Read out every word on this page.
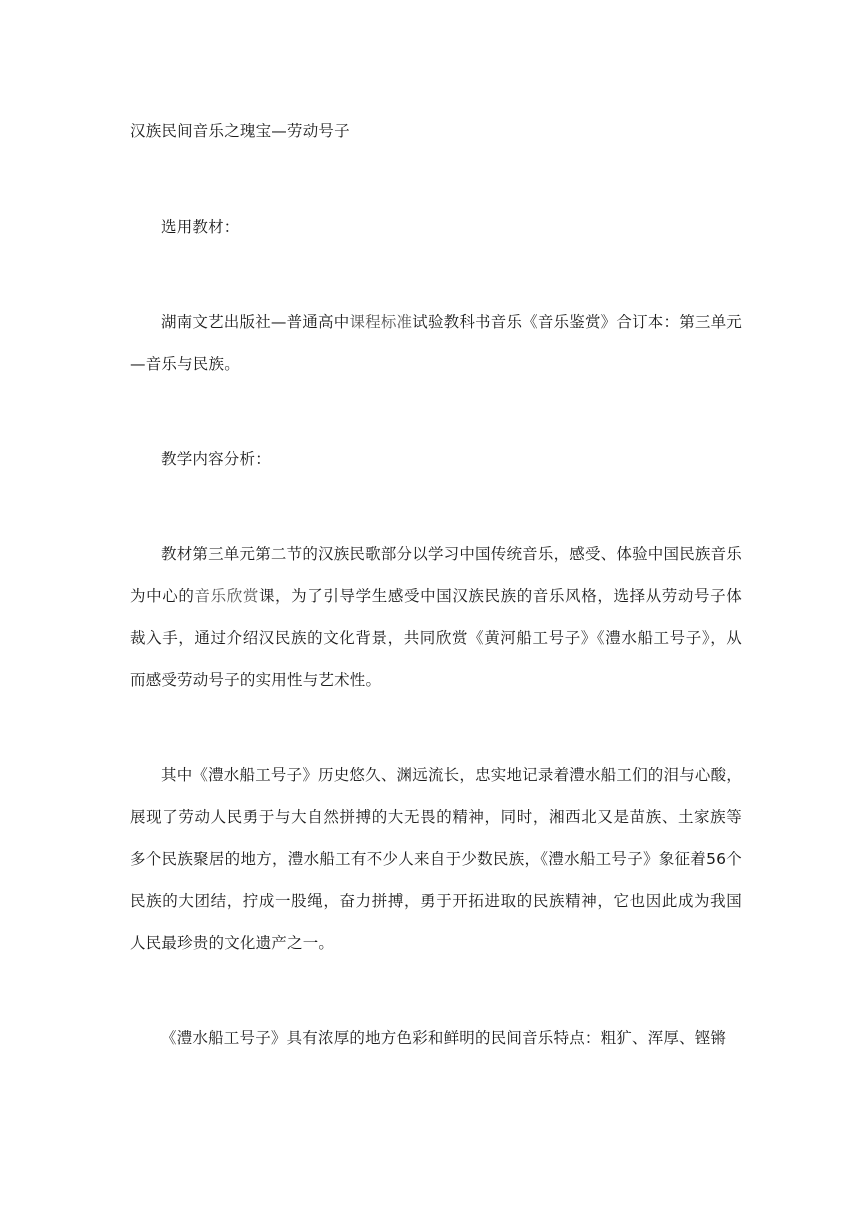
汉族民间音乐之瑰宝—劳动号子

选用教材：

湖南文艺出版社—普通高中课程标准试验教科书音乐《音乐鉴赏》合订本：第三单元—音乐与民族。

教学内容分析：

教材第三单元第二节的汉族民歌部分以学习中国传统音乐，感受、体验中国民族音乐为中心的音乐欣赏课，为了引导学生感受中国汉族民族的音乐风格，选择从劳动号子体裁入手，通过介绍汉民族的文化背景，共同欣赏《黄河船工号子》《澧水船工号子》，从而感受劳动号子的实用性与艺术性。

其中《澧水船工号子》历史悠久、渊远流长，忠实地记录着澧水船工们的泪与心酸，展现了劳动人民勇于与大自然拼搏的大无畏的精神，同时，湘西北又是苗族、土家族等多个民族聚居的地方，澧水船工有不少人来自于少数民族，《澧水船工号子》象征着56个民族的大团结，拧成一股绳，奋力拼搏，勇于开拓进取的民族精神，它也因此成为我国人民最珍贵的文化遗产之一。

《澧水船工号子》具有浓厚的地方色彩和鲜明的民间音乐特点：粗犷、浑厚、铿锵
